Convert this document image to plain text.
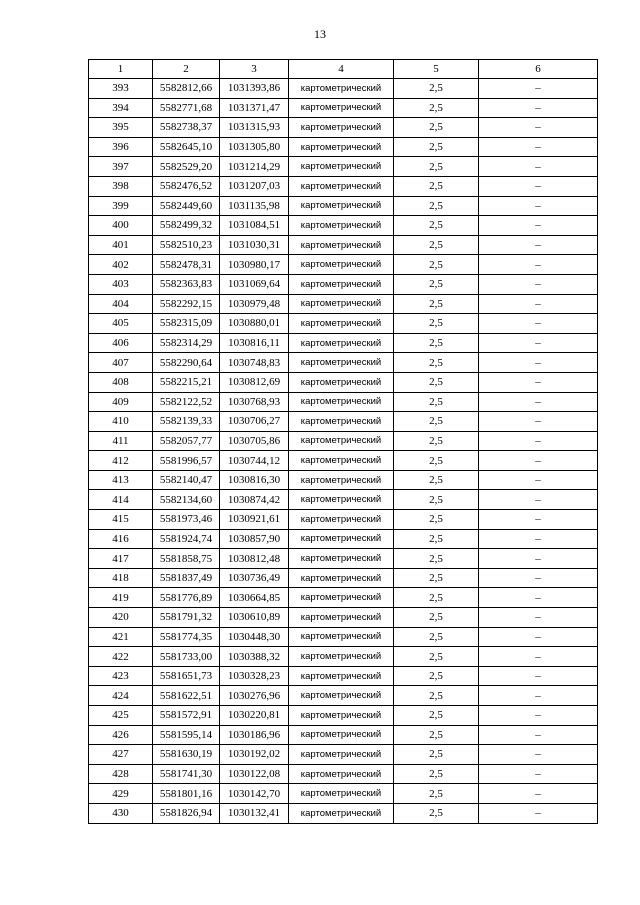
13
1	2	3	4	5	6
393	5582812,66	1031393,86	картометрический	2,5	–
394	5582771,68	1031371,47	картометрический	2,5	–
395	5582738,37	1031315,93	картометрический	2,5	–
396	5582645,10	1031305,80	картометрический	2,5	–
397	5582529,20	1031214,29	картометрический	2,5	–
398	5582476,52	1031207,03	картометрический	2,5	–
399	5582449,60	1031135,98	картометрический	2,5	–
400	5582499,32	1031084,51	картометрический	2,5	–
401	5582510,23	1031030,31	картометрический	2,5	–
402	5582478,31	1030980,17	картометрический	2,5	–
403	5582363,83	1031069,64	картометрический	2,5	–
404	5582292,15	1030979,48	картометрический	2,5	–
405	5582315,09	1030880,01	картометрический	2,5	–
406	5582314,29	1030816,11	картометрический	2,5	–
407	5582290,64	1030748,83	картометрический	2,5	–
408	5582215,21	1030812,69	картометрический	2,5	–
409	5582122,52	1030768,93	картометрический	2,5	–
410	5582139,33	1030706,27	картометрический	2,5	–
411	5582057,77	1030705,86	картометрический	2,5	–
412	5581996,57	1030744,12	картометрический	2,5	–
413	5582140,47	1030816,30	картометрический	2,5	–
414	5582134,60	1030874,42	картометрический	2,5	–
415	5581973,46	1030921,61	картометрический	2,5	–
416	5581924,74	1030857,90	картометрический	2,5	–
417	5581858,75	1030812,48	картометрический	2,5	–
418	5581837,49	1030736,49	картометрический	2,5	–
419	5581776,89	1030664,85	картометрический	2,5	–
420	5581791,32	1030610,89	картометрический	2,5	–
421	5581774,35	1030448,30	картометрический	2,5	–
422	5581733,00	1030388,32	картометрический	2,5	–
423	5581651,73	1030328,23	картометрический	2,5	–
424	5581622,51	1030276,96	картометрический	2,5	–
425	5581572,91	1030220,81	картометрический	2,5	–
426	5581595,14	1030186,96	картометрический	2,5	–
427	5581630,19	1030192,02	картометрический	2,5	–
428	5581741,30	1030122,08	картометрический	2,5	–
429	5581801,16	1030142,70	картометрический	2,5	–
430	5581826,94	1030132,41	картометрический	2,5	–
